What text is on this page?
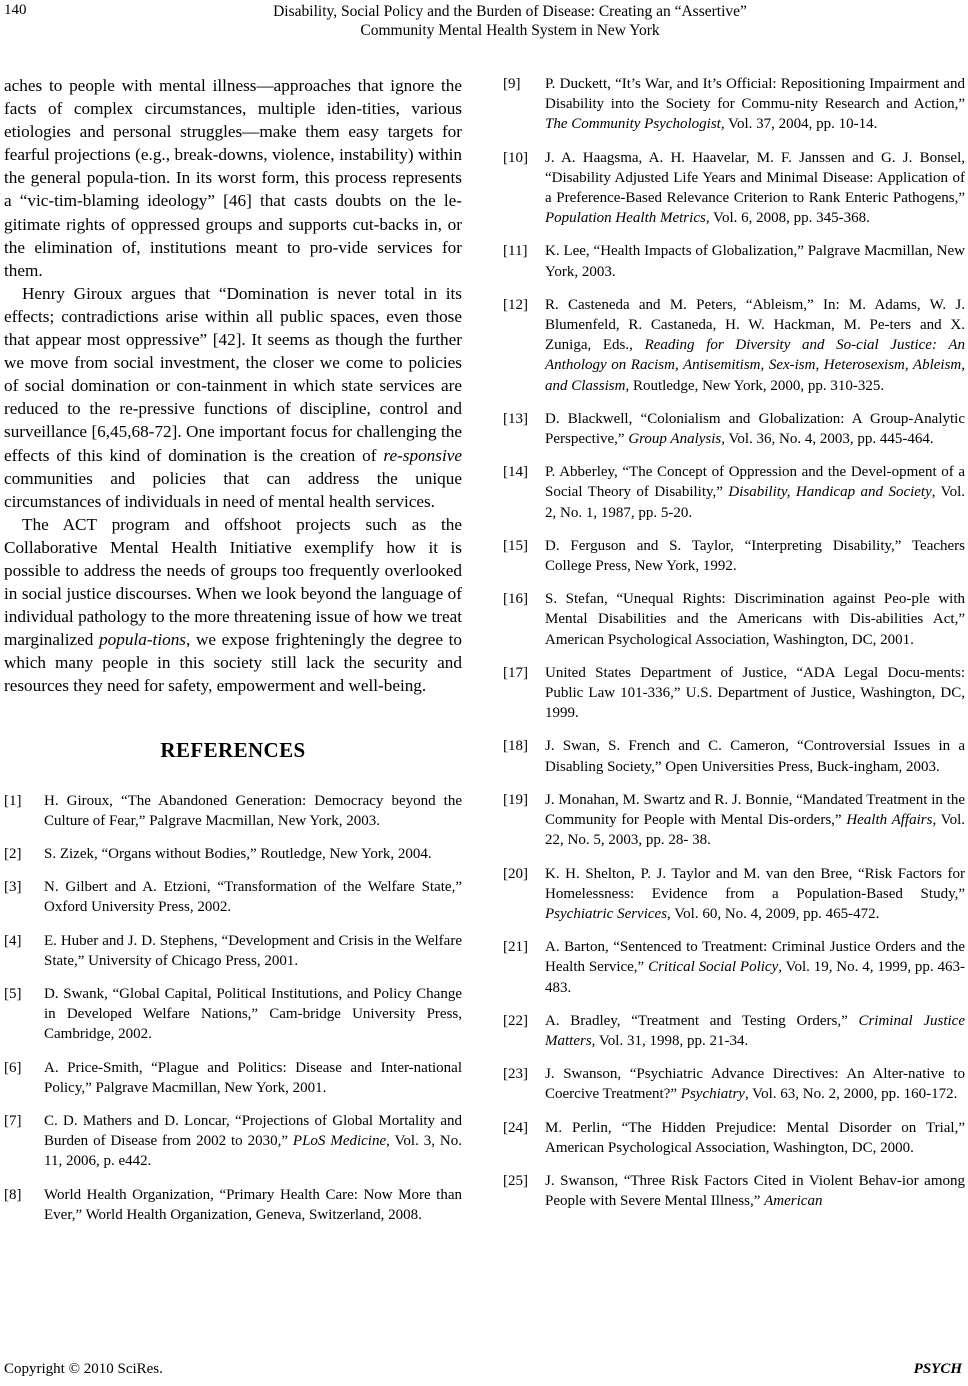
140	Disability, Social Policy and the Burden of Disease: Creating an “Assertive”
Community Mental Health System in New York

aches to people with mental illness—approaches that ignore the facts of complex circumstances, multiple iden-tities, various etiologies and personal struggles—make them easy targets for fearful projections (e.g., break-downs, violence, instability) within the general popula-tion. In its worst form, this process represents a “vic-tim-blaming ideology” [46] that casts doubts on the le-gitimate rights of oppressed groups and supports cut-backs in, or the elimination of, institutions meant to pro-vide services for them.

Henry Giroux argues that “Domination is never total in its effects; contradictions arise within all public spaces, even those that appear most oppressive” [42]. It seems as though the further we move from social investment, the closer we come to policies of social domination or con-tainment in which state services are reduced to the re-pressive functions of discipline, control and surveillance [6,45,68-72]. One important focus for challenging the effects of this kind of domination is the creation of re-sponsive communities and policies that can address the unique circumstances of individuals in need of mental health services.

The ACT program and offshoot projects such as the Collaborative Mental Health Initiative exemplify how it is possible to address the needs of groups too frequently overlooked in social justice discourses. When we look beyond the language of individual pathology to the more threatening issue of how we treat marginalized popula-tions, we expose frighteningly the degree to which many people in this society still lack the security and resources they need for safety, empowerment and well-being.

REFERENCES
[1]	H. Giroux, “The Abandoned Generation: Democracy beyond the Culture of Fear,” Palgrave Macmillan, New York, 2003.
[2]	S. Zizek, “Organs without Bodies,” Routledge, New York, 2004.
[3]	N. Gilbert and A. Etzioni, “Transformation of the Welfare State,” Oxford University Press, 2002.
[4]	E. Huber and J. D. Stephens, “Development and Crisis in the Welfare State,” University of Chicago Press, 2001.
[5]	D. Swank, “Global Capital, Political Institutions, and Policy Change in Developed Welfare Nations,” Cam-bridge University Press, Cambridge, 2002.
[6]	A. Price-Smith, “Plague and Politics: Disease and Inter-national Policy,” Palgrave Macmillan, New York, 2001.
[7]	C. D. Mathers and D. Loncar, “Projections of Global Mortality and Burden of Disease from 2002 to 2030,” PLoS Medicine, Vol. 3, No. 11, 2006, p. e442.
[8]	World Health Organization, “Primary Health Care: Now More than Ever,” World Health Organization, Geneva, Switzerland, 2008.
[9]	P. Duckett, “It’s War, and It’s Official: Repositioning Impairment and Disability into the Society for Commu-nity Research and Action,” The Community Psychologist, Vol. 37, 2004, pp. 10-14.
[10]	J. A. Haagsma, A. H. Haavelar, M. F. Janssen and G. J. Bonsel, “Disability Adjusted Life Years and Minimal Disease: Application of a Preference-Based Relevance Criterion to Rank Enteric Pathogens,” Population Health Metrics, Vol. 6, 2008, pp. 345-368.
[11]	K. Lee, “Health Impacts of Globalization,” Palgrave Macmillan, New York, 2003.
[12]	R. Casteneda and M. Peters, “Ableism,” In: M. Adams, W. J. Blumenfeld, R. Castaneda, H. W. Hackman, M. Pe-ters and X. Zuniga, Eds., Reading for Diversity and So-cial Justice: An Anthology on Racism, Antisemitism, Sex-ism, Heterosexism, Ableism, and Classism, Routledge, New York, 2000, pp. 310-325.
[13]	D. Blackwell, “Colonialism and Globalization: A Group-Analytic Perspective,” Group Analysis, Vol. 36, No. 4, 2003, pp. 445-464.
[14]	P. Abberley, “The Concept of Oppression and the Devel-opment of a Social Theory of Disability,” Disability, Handicap and Society, Vol. 2, No. 1, 1987, pp. 5-20.
[15]	D. Ferguson and S. Taylor, “Interpreting Disability,” Teachers College Press, New York, 1992.
[16]	S. Stefan, “Unequal Rights: Discrimination against Peo-ple with Mental Disabilities and the Americans with Dis-abilities Act,” American Psychological Association, Washington, DC, 2001.
[17]	United States Department of Justice, “ADA Legal Docu-ments: Public Law 101-336,” U.S. Department of Justice, Washington, DC, 1999.
[18]	J. Swan, S. French and C. Cameron, “Controversial Issues in a Disabling Society,” Open Universities Press, Buck-ingham, 2003.
[19]	J. Monahan, M. Swartz and R. J. Bonnie, “Mandated Treatment in the Community for People with Mental Dis-orders,” Health Affairs, Vol. 22, No. 5, 2003, pp. 28- 38.
[20]	K. H. Shelton, P. J. Taylor and M. van den Bree, “Risk Factors for Homelessness: Evidence from a Population-Based Study,” Psychiatric Services, Vol. 60, No. 4, 2009, pp. 465-472.
[21]	A. Barton, “Sentenced to Treatment: Criminal Justice Orders and the Health Service,” Critical Social Policy, Vol. 19, No. 4, 1999, pp. 463-483.
[22]	A. Bradley, “Treatment and Testing Orders,” Criminal Justice Matters, Vol. 31, 1998, pp. 21-34.
[23]	J. Swanson, “Psychiatric Advance Directives: An Alter-native to Coercive Treatment?” Psychiatry, Vol. 63, No. 2, 2000, pp. 160-172.
[24]	M. Perlin, “The Hidden Prejudice: Mental Disorder on Trial,” American Psychological Association, Washington, DC, 2000.
[25]	J. Swanson, “Three Risk Factors Cited in Violent Behav-ior among People with Severe Mental Illness,” American
Copyright © 2010 SciRes.	PSYCH
